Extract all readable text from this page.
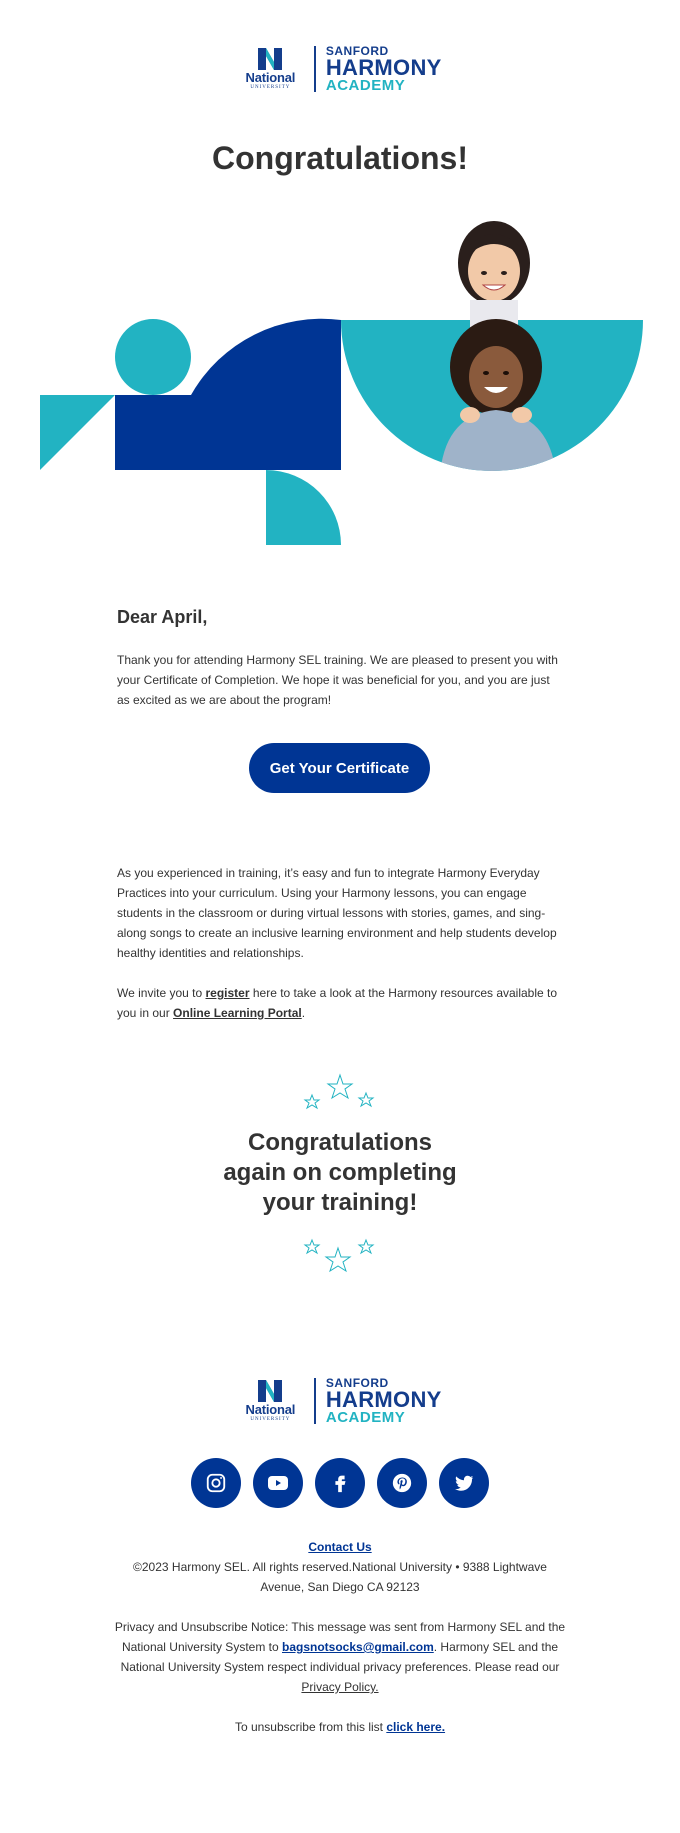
National
UNIVERSITY
SANFORD
HARMONY
ACADEMY
Congratulations!
Dear April,

Thank you for attending Harmony SEL training. We are pleased to present you with your Certificate of Completion. We hope it was beneficial for you, and you are just as excited as we are about the program!

Get Your Certificate

As you experienced in training, it’s easy and fun to integrate Harmony Everyday Practices into your curriculum. Using your Harmony lessons, you can engage students in the classroom or during virtual lessons with stories, games, and sing-along songs to create an inclusive learning environment and help students develop healthy identities and relationships.

We invite you to register here to take a look at the Harmony resources available to you in our Online Learning Portal.

Congratulations
again on completing
your training!
National
UNIVERSITY
SANFORD
HARMONY
ACADEMY
Contact Us
©2023 Harmony SEL. All rights reserved.National University • 9388 Lightwave Avenue, San Diego CA 92123
Privacy and Unsubscribe Notice: This message was sent from Harmony SEL and the National University System to bagsnotsocks@gmail.com. Harmony SEL and the National University System respect individual privacy preferences. Please read our Privacy Policy.
To unsubscribe from this list click here.
